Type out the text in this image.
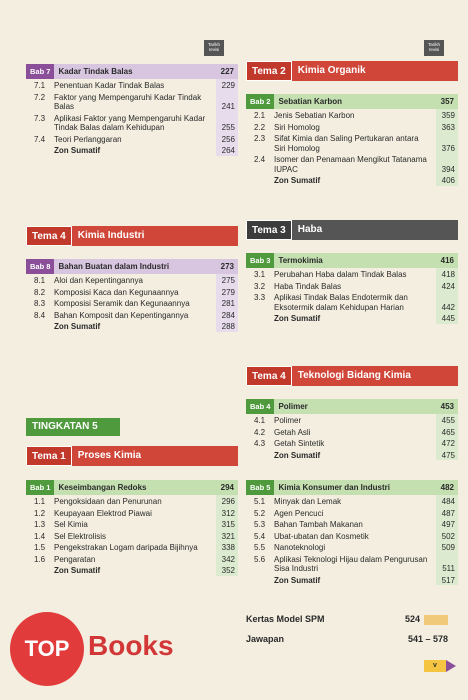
Tarikh revisi
Tarikh revisi
Bab 7	Kadar Tindak Balas	227
7.1	Penentuan Kadar Tindak Balas	229
7.2	Faktor yang Mempengaruhi Kadar Tindak Balas	241
7.3	Aplikasi Faktor yang Mempengaruhi Kadar Tindak Balas dalam Kehidupan	255
7.4	Teori Perlanggaran	256
Zon Sumatif	264
Tema 4	Kimia Industri
Bab 8	Bahan Buatan dalam Industri	273
8.1	Aloi dan Kepentingannya	275
8.2	Komposisi Kaca dan Kegunaannya	279
8.3	Komposisi Seramik dan Kegunaannya	281
8.4	Bahan Komposit dan Kepentingannya	284
Zon Sumatif	288
TINGKATAN 5
Tema 1	Proses Kimia
Bab 1	Keseimbangan Redoks	294
1.1	Pengoksidaan dan Penurunan	296
1.2	Keupayaan Elektrod Piawai	312
1.3	Sel Kimia	315
1.4	Sel Elektrolisis	321
1.5	Pengekstrakan Logam daripada Bijihnya	338
1.6	Pengaratan	342
Zon Sumatif	352
Tema 2	Kimia Organik
Bab 2	Sebatian Karbon	357
2.1	Jenis Sebatian Karbon	359
2.2	Siri Homolog	363
2.3	Sifat Kimia dan Saling Pertukaran antara Siri Homolog	376
2.4	Isomer dan Penamaan Mengikut Tatanama IUPAC	394
Zon Sumatif	406
Tema 3	Haba
Bab 3	Termokimia	416
3.1	Perubahan Haba dalam Tindak Balas	418
3.2	Haba Tindak Balas	424
3.3	Aplikasi Tindak Balas Endotermik dan Eksotermik dalam Kehidupan Harian	442
Zon Sumatif	445
Tema 4	Teknologi Bidang Kimia
Bab 4	Polimer	453
4.1	Polimer	455
4.2	Getah Asli	465
4.3	Getah Sintetik	472
Zon Sumatif	475
Bab 5	Kimia Konsumer dan Industri	482
5.1	Minyak dan Lemak	484
5.2	Agen Pencuci	487
5.3	Bahan Tambah Makanan	497
5.4	Ubat-ubatan dan Kosmetik	502
5.5	Nanoteknologi	509
5.6	Aplikasi Teknologi Hijau dalam Pengurusan Sisa Industri	511
Zon Sumatif	517
Kertas Model SPM	524
Jawapan	541 – 578
v
TOP Books
